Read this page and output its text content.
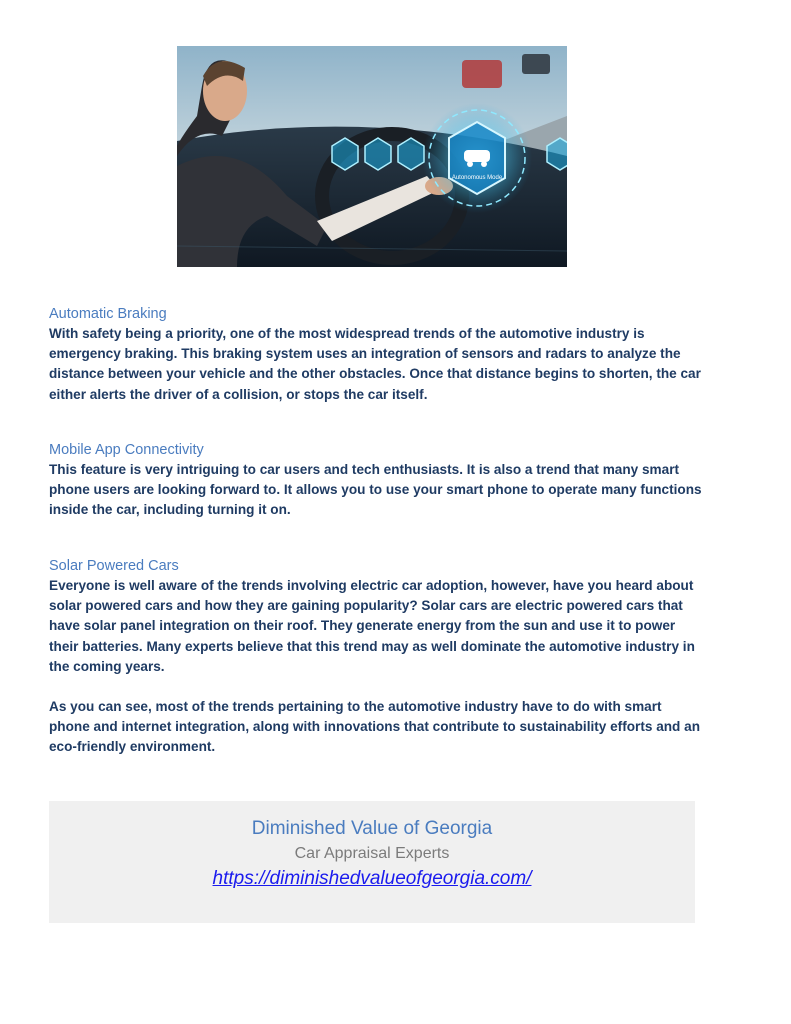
Autonomous Mode
Automatic Braking

With safety being a priority, one of the most widespread trends of the automotive industry is emergency braking. This braking system uses an integration of sensors and radars to analyze the distance between your vehicle and the other obstacles. Once that distance begins to shorten, the car either alerts the driver of a collision, or stops the car itself.

Mobile App Connectivity

This feature is very intriguing to car users and tech enthusiasts. It is also a trend that many smart phone users are looking forward to. It allows you to use your smart phone to operate many functions inside the car, including turning it on.

Solar Powered Cars

Everyone is well aware of the trends involving electric car adoption, however, have you heard about solar powered cars and how they are gaining popularity? Solar cars are electric powered cars that have solar panel integration on their roof. They generate energy from the sun and use it to power their batteries. Many experts believe that this trend may as well dominate the automotive industry in the coming years.

As you can see, most of the trends pertaining to the automotive industry have to do with smart phone and internet integration, along with innovations that contribute to sustainability efforts and an eco-friendly environment.

Diminished Value of Georgia
Car Appraisal Experts
https://diminishedvalueofgeorgia.com/
